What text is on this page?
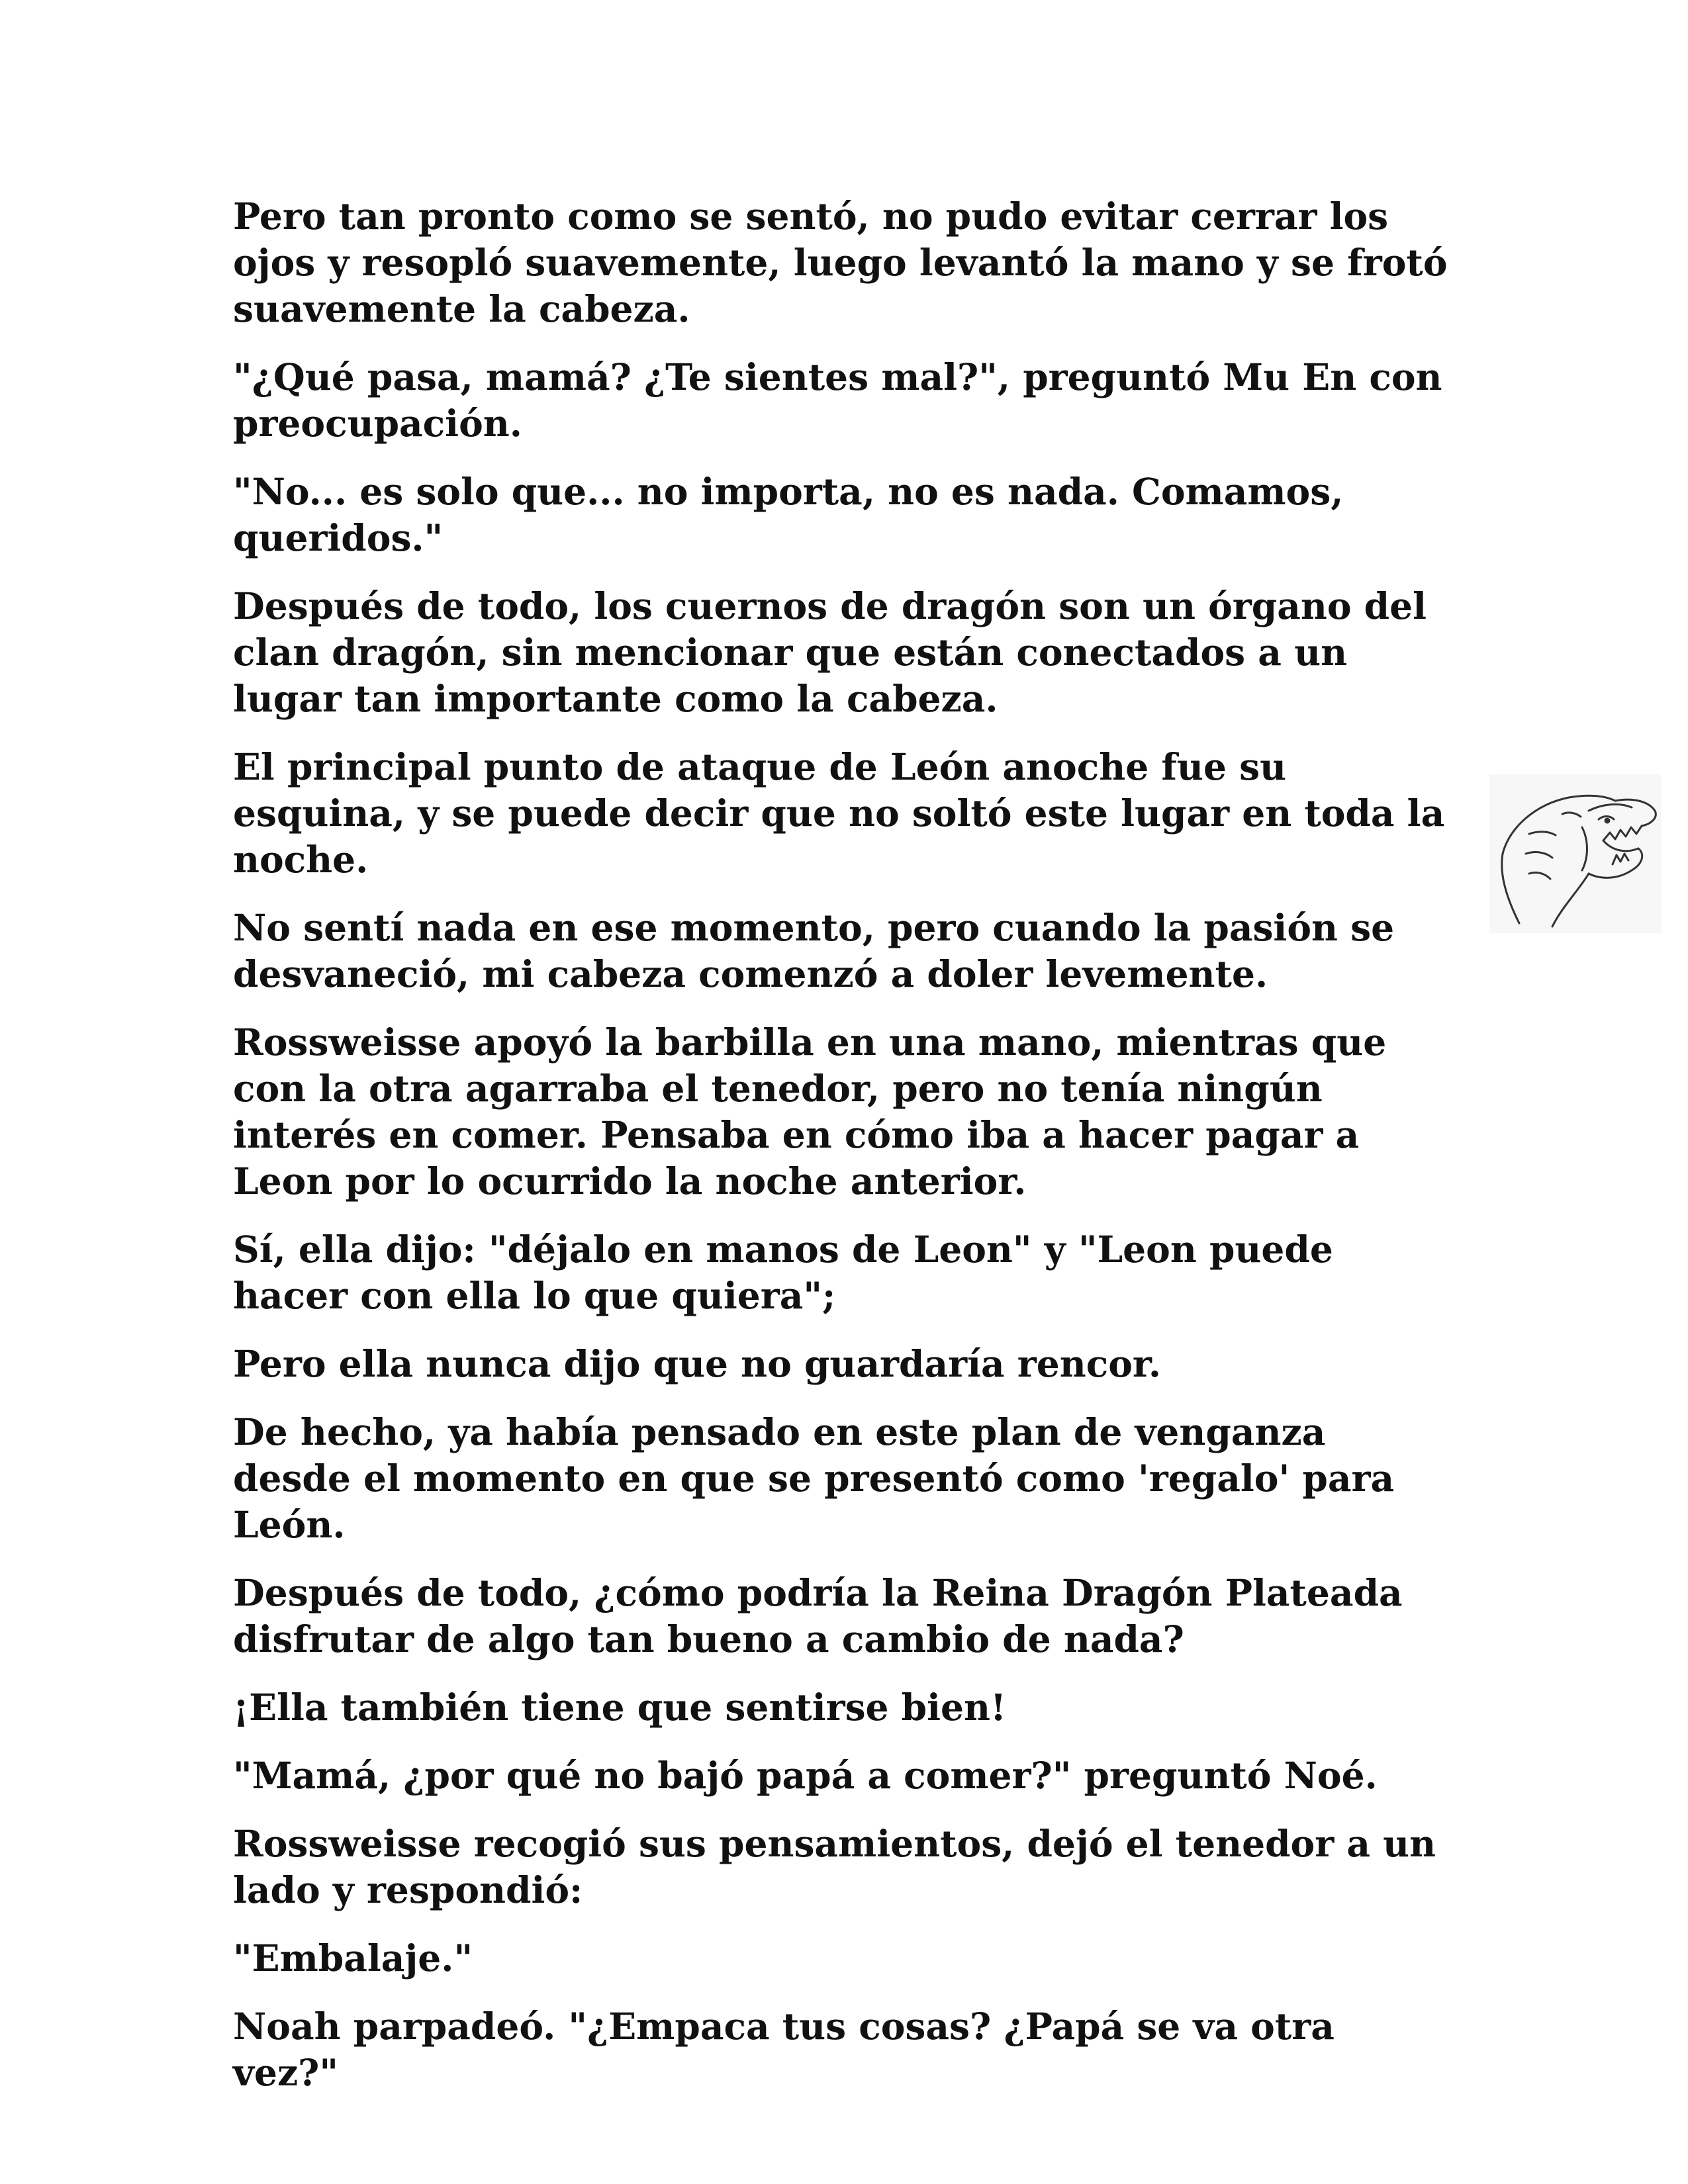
Pero tan pronto como se sentó, no pudo evitar cerrar los ojos y resopló suavemente, luego levantó la mano y se frotó suavemente la cabeza.

"¿Qué pasa, mamá? ¿Te sientes mal?", preguntó Mu En con preocupación.

"No... es solo que... no importa, no es nada. Comamos, queridos."

Después de todo, los cuernos de dragón son un órgano del clan dragón, sin mencionar que están conectados a un lugar tan importante como la cabeza.

El principal punto de ataque de León anoche fue su esquina, y se puede decir que no soltó este lugar en toda la noche.

No sentí nada en ese momento, pero cuando la pasión se desvaneció, mi cabeza comenzó a doler levemente.

Rossweisse apoyó la barbilla en una mano, mientras que con la otra agarraba el tenedor, pero no tenía ningún interés en comer. Pensaba en cómo iba a hacer pagar a Leon por lo ocurrido la noche anterior.

Sí, ella dijo: "déjalo en manos de Leon" y "Leon puede hacer con ella lo que quiera";

Pero ella nunca dijo que no guardaría rencor.

De hecho, ya había pensado en este plan de venganza desde el momento en que se presentó como 'regalo' para León.

Después de todo, ¿cómo podría la Reina Dragón Plateada disfrutar de algo tan bueno a cambio de nada?

¡Ella también tiene que sentirse bien!

"Mamá, ¿por qué no bajó papá a comer?" preguntó Noé.

Rossweisse recogió sus pensamientos, dejó el tenedor a un lado y respondió:

"Embalaje."

Noah parpadeó. "¿Empaca tus cosas? ¿Papá se va otra vez?"
